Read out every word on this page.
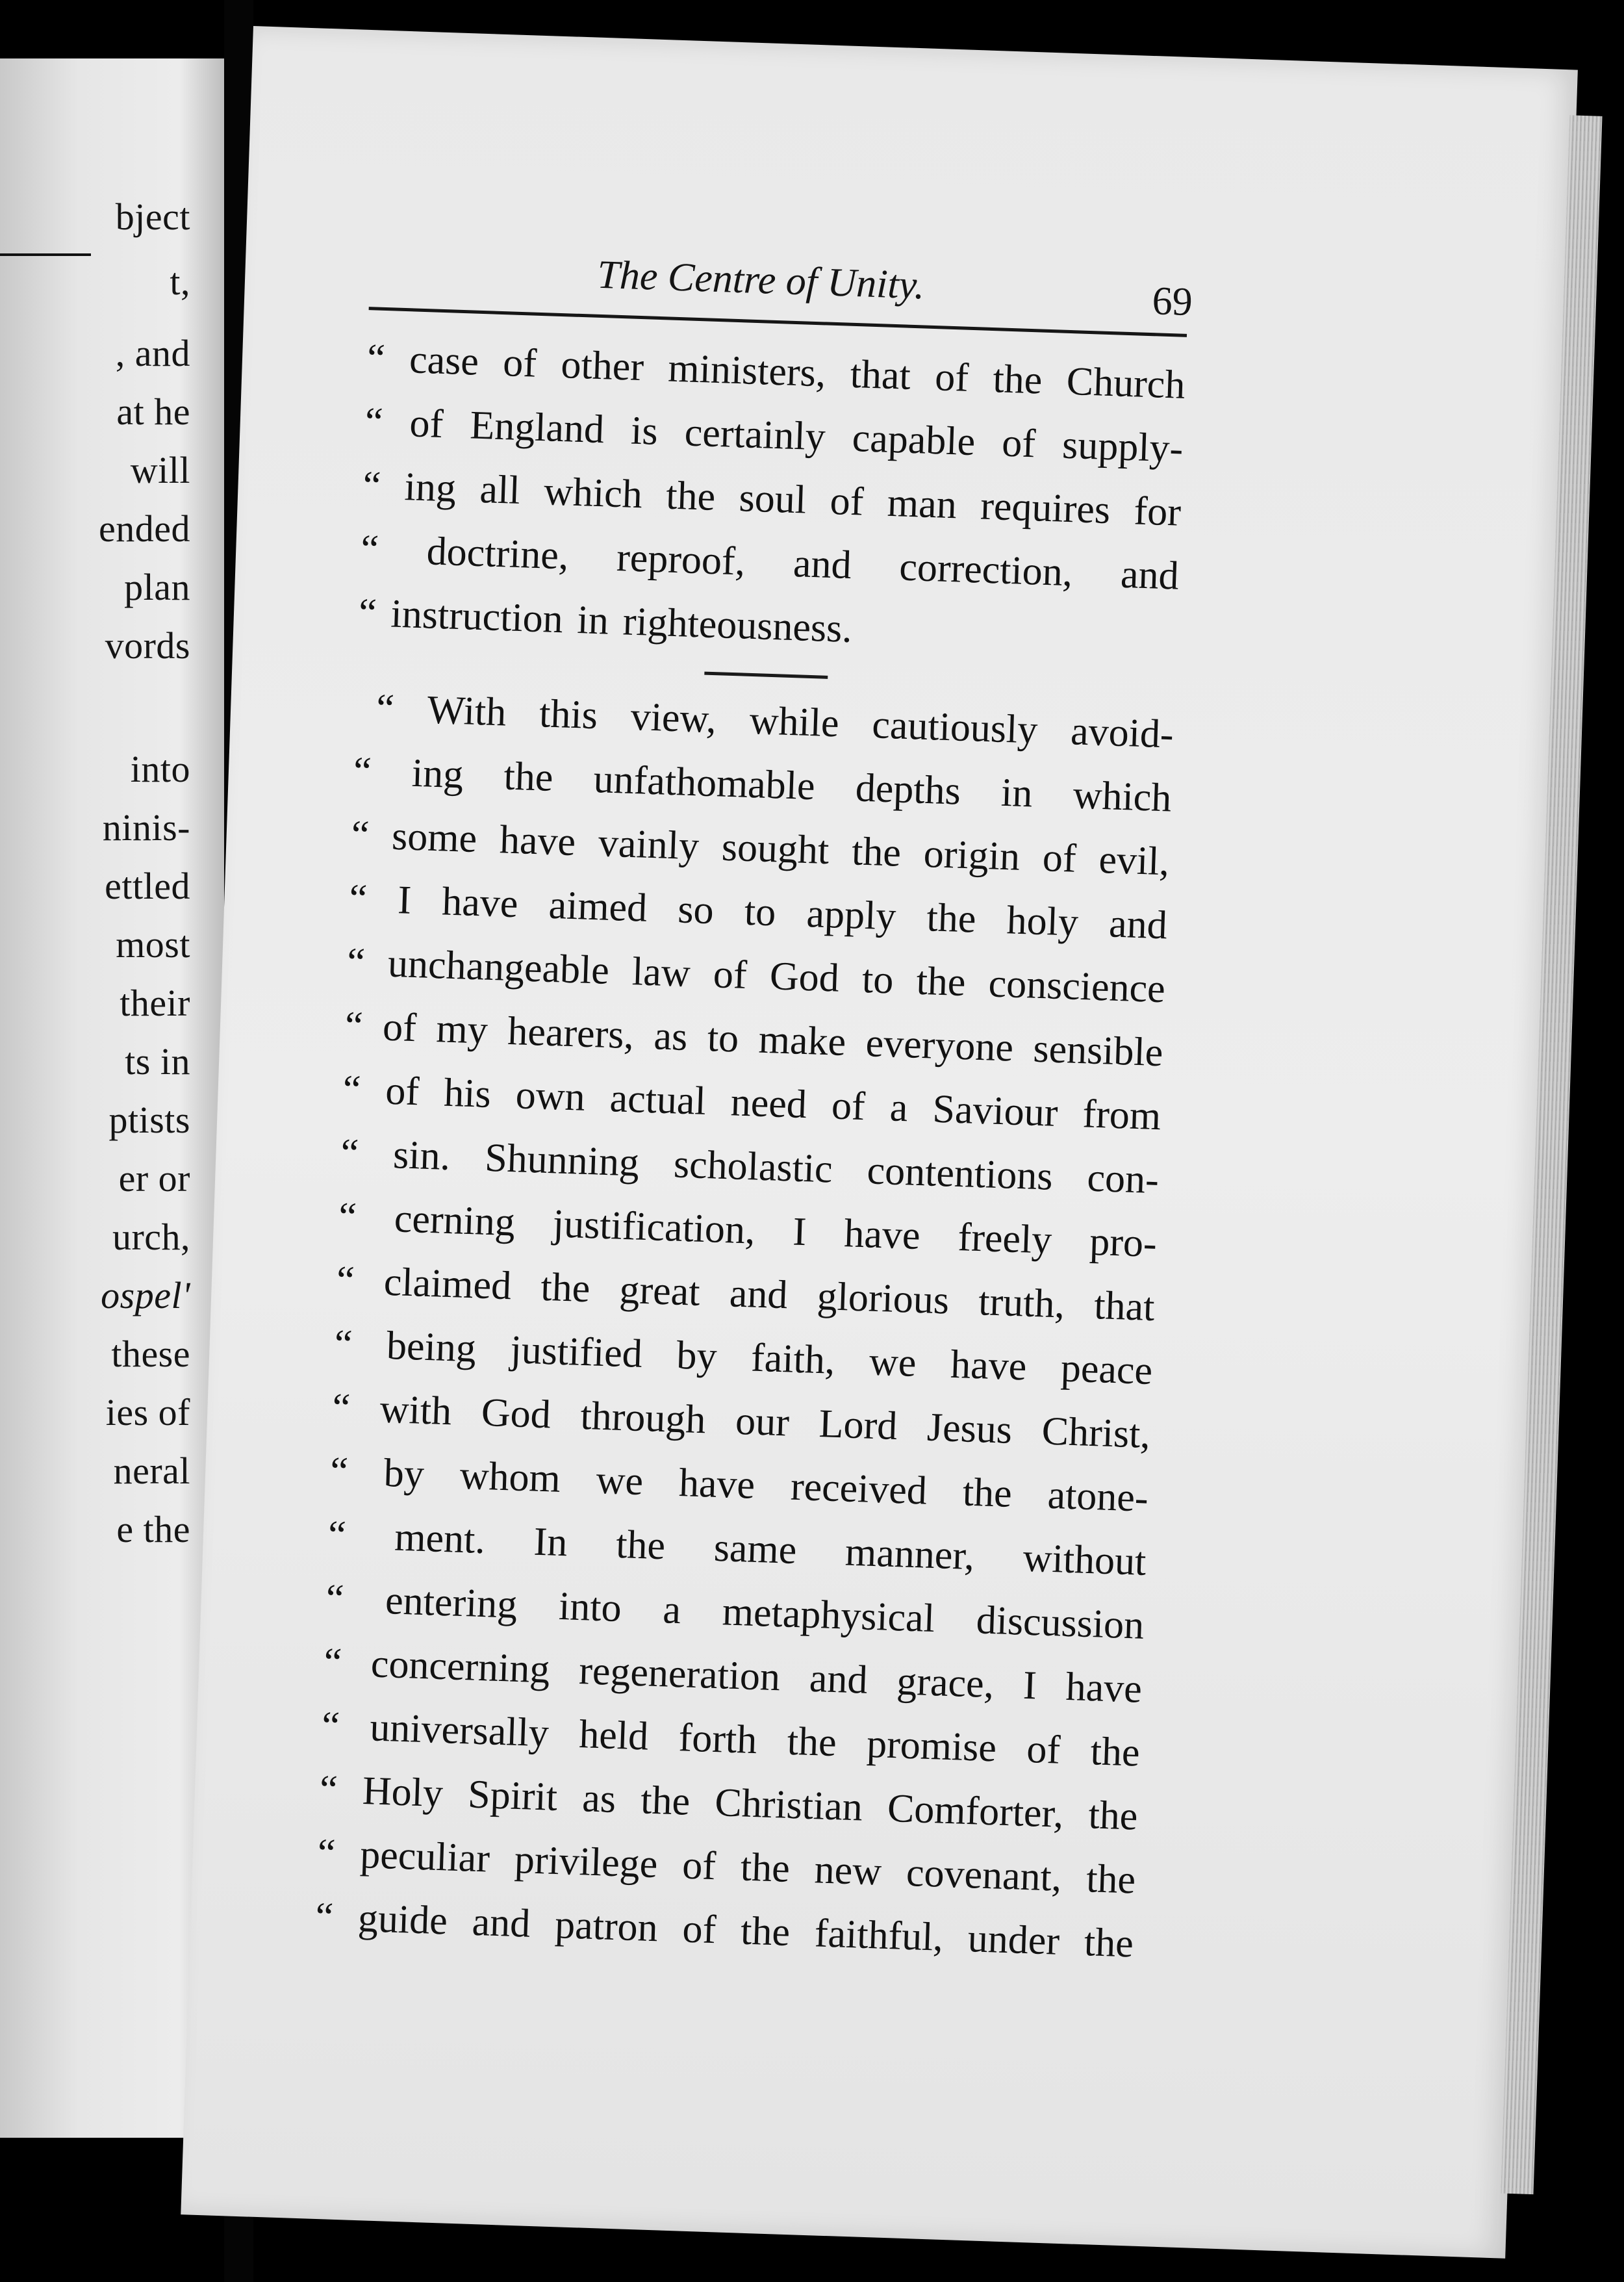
bject
t,
, and
at he
will
ended
plan
vords
into
ninis-
ettled
most
their
ts in
ptists
er or
urch,
ospel'
these
ies of
neral
e the
The Centre of Unity.	69
“ case of other ministers, that of the Church
“ of England is certainly capable of supply-
“ ing all which the soul of man requires for
“ doctrine, reproof, and correction, and
“ instruction in righteousness.
“ With this view, while cautiously avoid-
“ ing the unfathomable depths in which
“ some have vainly sought the origin of evil,
“ I have aimed so to apply the holy and
“ unchangeable law of God to the conscience
“ of my hearers, as to make everyone sensible
“ of his own actual need of a Saviour from
“ sin. Shunning scholastic contentions con-
“ cerning justification, I have freely pro-
“ claimed the great and glorious truth, that
“ being justified by faith, we have peace
“ with God through our Lord Jesus Christ,
“ by whom we have received the atone-
“ ment. In the same manner, without
“ entering into a metaphysical discussion
“ concerning regeneration and grace, I have
“ universally held forth the promise of the
“ Holy Spirit as the Christian Comforter, the
“ peculiar privilege of the new covenant, the
“ guide and patron of the faithful, under the
